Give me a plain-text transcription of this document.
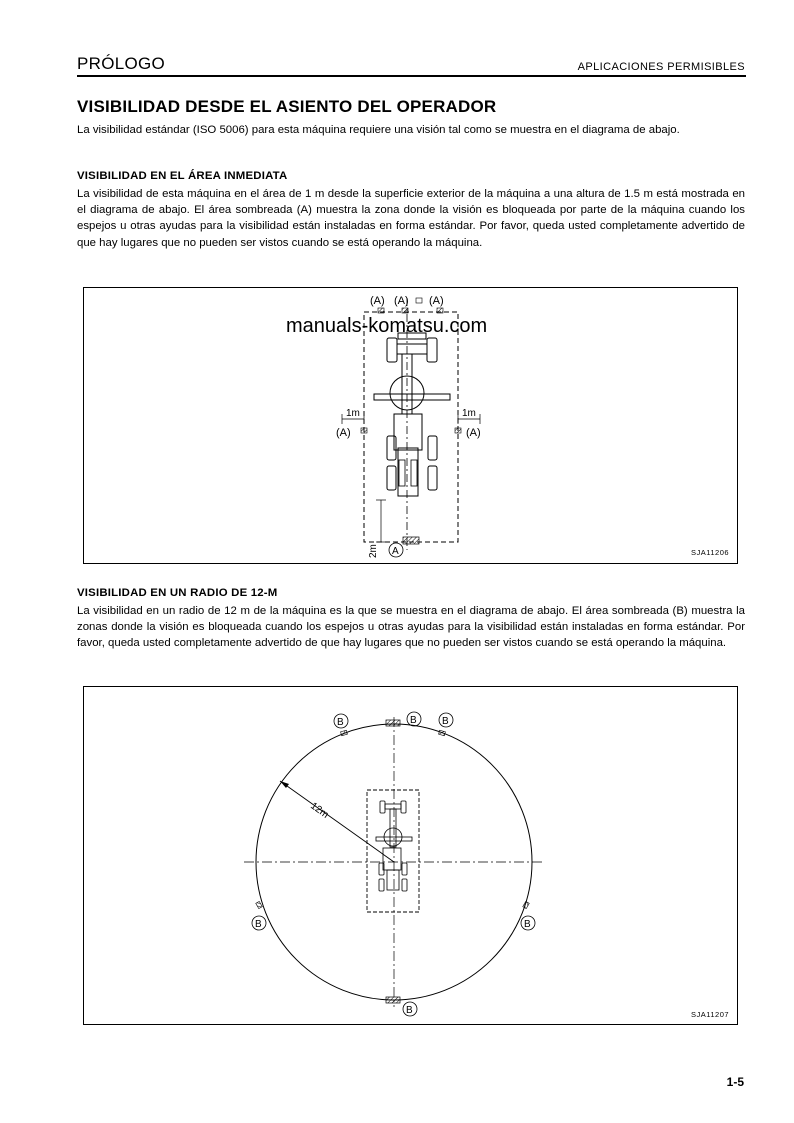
PRÓLOGO	APLICACIONES PERMISIBLES
VISIBILIDAD DESDE EL ASIENTO DEL OPERADOR
La visibilidad estándar (ISO 5006) para esta máquina requiere una visión tal como se muestra en el diagrama de abajo.
VISIBILIDAD EN EL ÁREA INMEDIATA
La visibilidad de esta máquina en el área de 1 m desde la superficie exterior de la máquina a una altura de 1.5 m está mostrada en el diagrama de abajo. El área sombreada (A) muestra la zona donde la visión es bloqueada por parte de la máquina cuando los espejos u otras ayudas para la visibilidad están instaladas en forma estándar. Por favor, queda usted completamente advertido de que hay lugares que no pueden ser vistos cuando se está operando la máquina.
(A) (A) (A)
1m	1m
(A)	(A)
2m A
manuals-komatsu.com
SJA11206
VISIBILIDAD EN UN RADIO DE 12-M
La visibilidad en un radio de 12 m de la máquina es la que se muestra en el diagrama de abajo. El área sombreada (B) muestra la zonas donde la visión es bloqueada cuando los espejos u otras ayudas para la visibilidad están instaladas en forma estándar. Por favor, queda usted completamente advertido de que hay lugares que no pueden ser vistos cuando se está operando la máquina.
12m
B	B	B
B	B
B	SJA11207
1-5
